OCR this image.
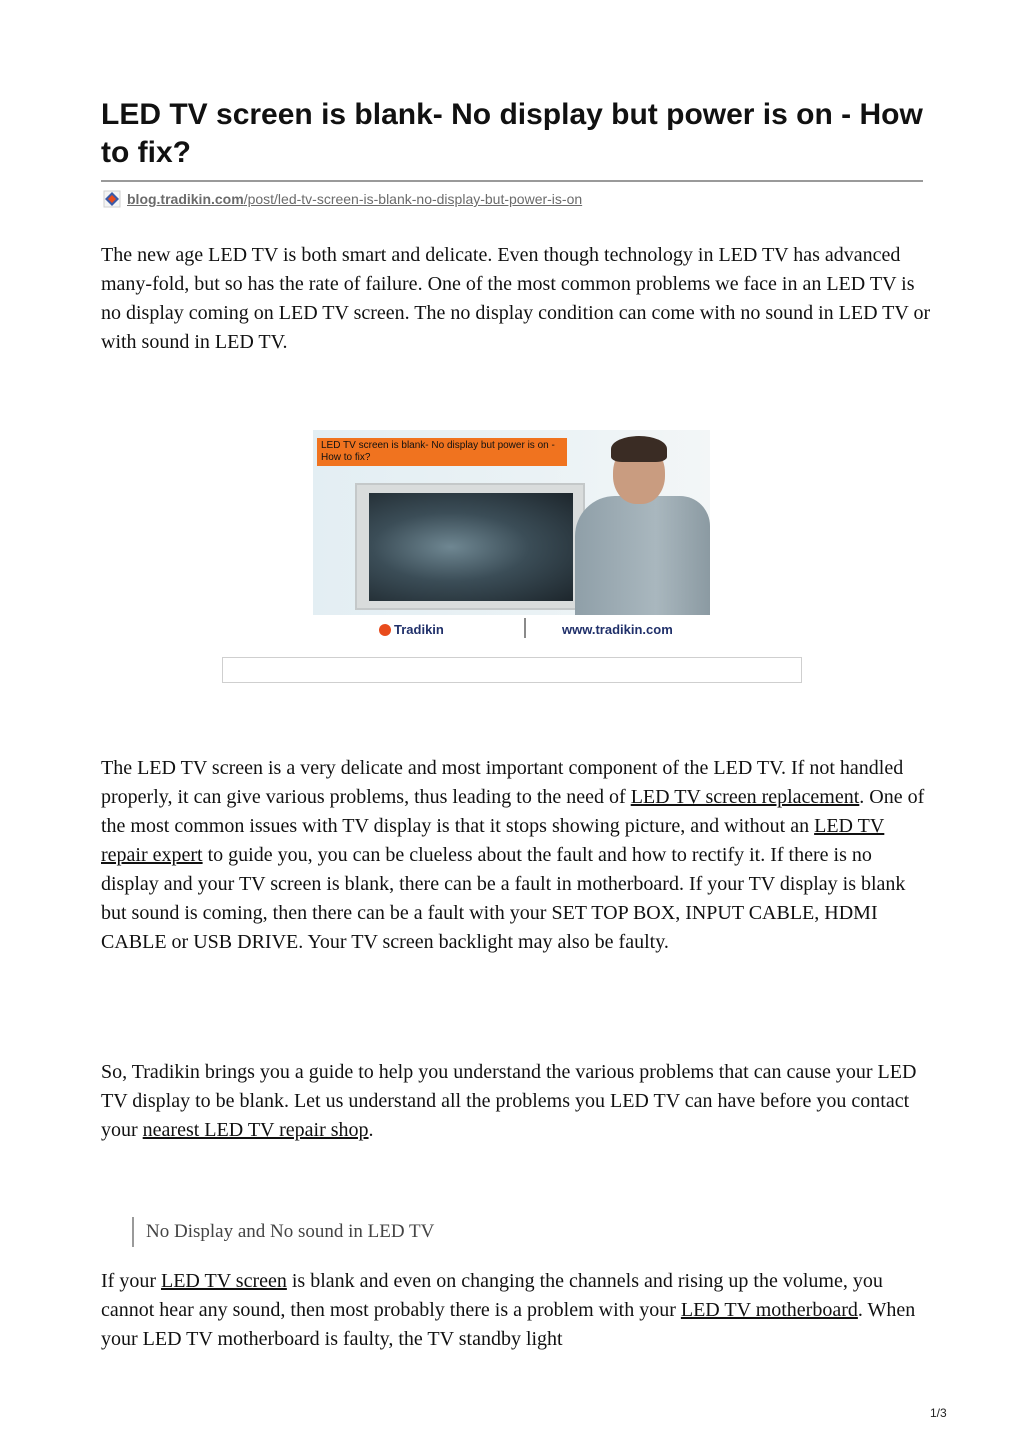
LED TV screen is blank- No display but power is on - How to fix?
blog.tradikin.com/post/led-tv-screen-is-blank-no-display-but-power-is-on

The new age LED TV is both smart and delicate. Even though technology in LED TV has advanced many-fold, but so has the rate of failure. One of the most common problems we face in an LED TV is no display coming on LED TV screen. The no display condition can come with no sound in LED TV or with sound in LED TV.

LED TV screen is blank- No display but power is on - How to fix?
Tradikin	www.tradikin.com

The LED TV screen is a very delicate and most important component of the LED TV. If not handled properly, it can give various problems, thus leading to the need of LED TV screen replacement. One of the most common issues with TV display is that it stops showing picture, and without an LED TV repair expert to guide you, you can be clueless about the fault and how to rectify it. If there is no display and your TV screen is blank, there can be a fault in motherboard. If your TV display is blank but sound is coming, then there can be a fault with your SET TOP BOX, INPUT CABLE, HDMI CABLE or USB DRIVE. Your TV screen backlight may also be faulty.

So, Tradikin brings you a guide to help you understand the various problems that can cause your LED TV display to be blank. Let us understand all the problems you LED TV can have before you contact your nearest LED TV repair shop.

No Display and No sound in LED TV

If your LED TV screen is blank and even on changing the channels and rising up the volume, you cannot hear any sound, then most probably there is a problem with your LED TV motherboard. When your LED TV motherboard is faulty, the TV standby light

1/3
